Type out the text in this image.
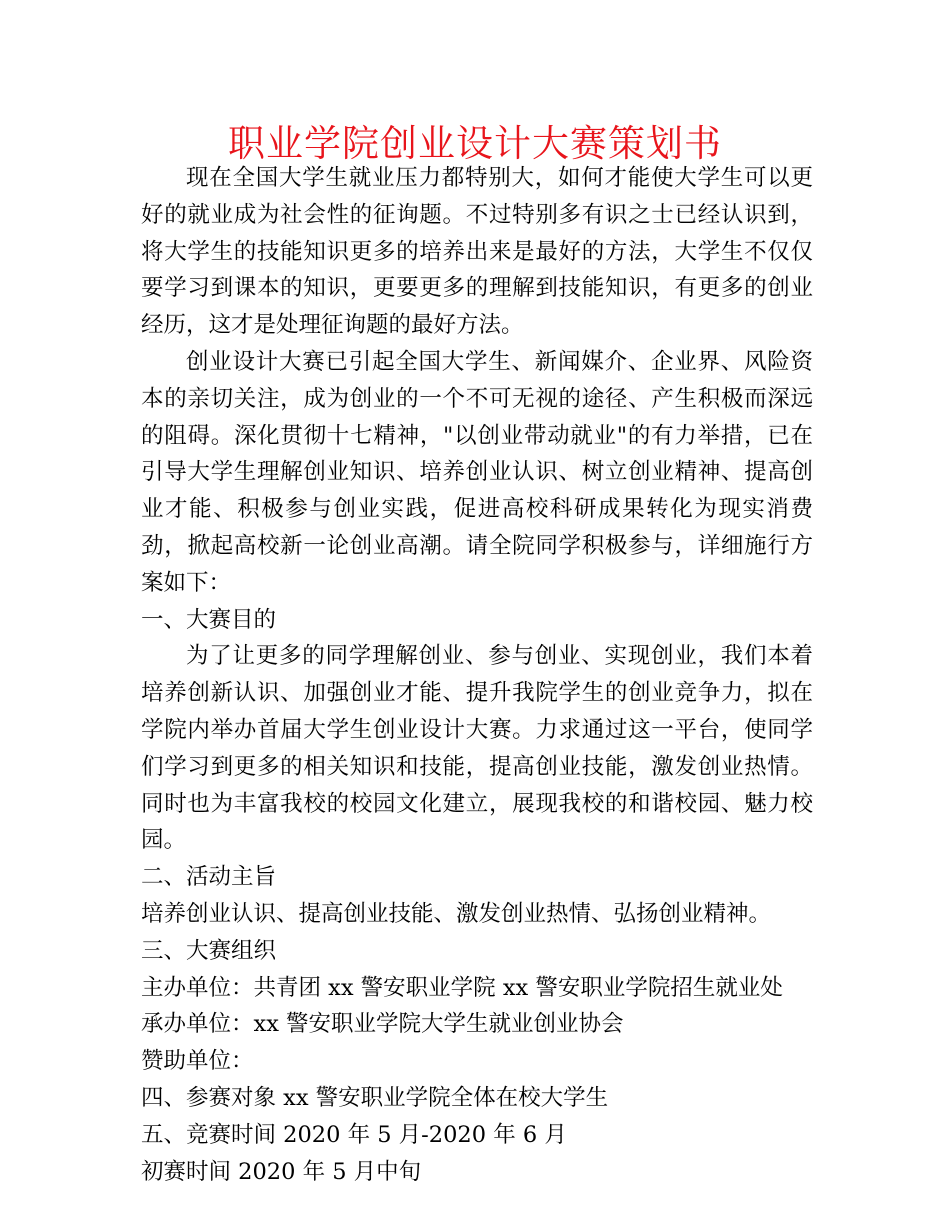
职业学院创业设计大赛策划书

现在全国大学生就业压力都特别大，如何才能使大学生可以更好的就业成为社会性的征询题。不过特别多有识之士已经认识到，将大学生的技能知识更多的培养出来是最好的方法，大学生不仅仅要学习到课本的知识，更要更多的理解到技能知识，有更多的创业经历，这才是处理征询题的最好方法。

创业设计大赛已引起全国大学生、新闻媒介、企业界、风险资本的亲切关注，成为创业的一个不可无视的途径、产生积极而深远的阻碍。深化贯彻十七精神，"以创业带动就业"的有力举措，已在引导大学生理解创业知识、培养创业认识、树立创业精神、提高创业才能、积极参与创业实践，促进高校科研成果转化为现实消费劲，掀起高校新一论创业高潮。请全院同学积极参与，详细施行方案如下：

一、大赛目的

为了让更多的同学理解创业、参与创业、实现创业，我们本着培养创新认识、加强创业才能、提升我院学生的创业竞争力，拟在学院内举办首届大学生创业设计大赛。力求通过这一平台，使同学们学习到更多的相关知识和技能，提高创业技能，激发创业热情。同时也为丰富我校的校园文化建立，展现我校的和谐校园、魅力校园。

二、活动主旨

培养创业认识、提高创业技能、激发创业热情、弘扬创业精神。

三、大赛组织

主办单位：共青团 xx 警安职业学院 xx 警安职业学院招生就业处

承办单位：xx 警安职业学院大学生就业创业协会

赞助单位：

四、参赛对象 xx 警安职业学院全体在校大学生

五、竞赛时间 2020 年 5 月-2020 年 6 月

初赛时间 2020 年 5 月中旬
